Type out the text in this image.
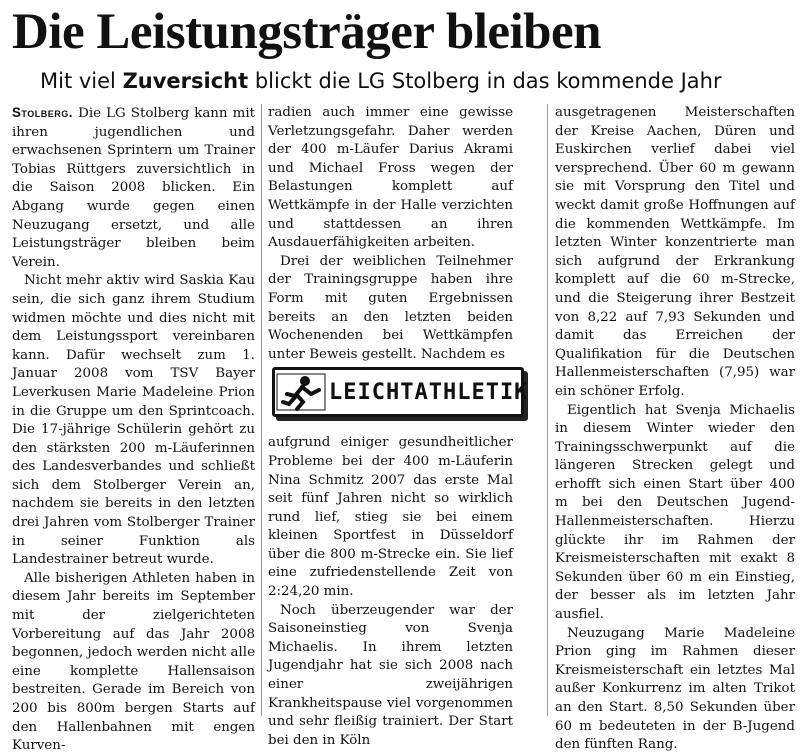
Die Leistungsträger bleiben
Mit viel Zuversicht blickt die LG Stolberg in das kommende Jahr

Stolberg. Die LG Stolberg kann mit ihren jugendlichen und erwachsenen Sprintern um Trainer Tobias Rüttgers zuversichtlich in die Saison 2008 blicken. Ein Abgang wurde gegen einen Neuzugang ersetzt, und alle Leistungsträger bleiben beim Verein.

Nicht mehr aktiv wird Saskia Kau sein, die sich ganz ihrem Studium widmen möchte und dies nicht mit dem Leistungssport vereinbaren kann. Dafür wechselt zum 1. Januar 2008 vom TSV Bayer Leverkusen Marie Madeleine Prion in die Gruppe um den Sprintcoach. Die 17-jährige Schülerin gehört zu den stärksten 200 m-Läuferinnen des Landesverbandes und schließt sich dem Stolberger Verein an, nachdem sie bereits in den letzten drei Jahren vom Stolberger Trainer in seiner Funktion als Landestrainer betreut wurde.

Alle bisherigen Athleten haben in diesem Jahr bereits im September mit der zielgerichteten Vorbereitung auf das Jahr 2008 begonnen, jedoch werden nicht alle eine komplette Hallensaison bestreiten. Gerade im Bereich von 200 bis 800m bergen Starts auf den Hallenbahnen mit engen Kurven-

radien auch immer eine gewisse Verletzungsgefahr. Daher werden der 400 m-Läufer Darius Akrami und Michael Fross wegen der Belastungen komplett auf Wettkämpfe in der Halle verzichten und stattdessen an ihren Ausdauerfähigkeiten arbeiten.

Drei der weiblichen Teilnehmer der Trainingsgruppe haben ihre Form mit guten Ergebnissen bereits an den letzten beiden Wochenenden bei Wettkämpfen unter Beweis gestellt. Nachdem es

aufgrund einiger gesundheitlicher Probleme bei der 400 m-Läuferin Nina Schmitz 2007 das erste Mal seit fünf Jahren nicht so wirklich rund lief, stieg sie bei einem kleinen Sportfest in Düsseldorf über die 800 m-Strecke ein. Sie lief eine zufriedenstellende Zeit von 2:24,20 min.

Noch überzeugender war der Saisoneinstieg von Svenja Michaelis. In ihrem letzten Jugendjahr hat sie sich 2008 nach einer zweijährigen Krankheitspause viel vorgenommen und sehr fleißig trainiert. Der Start bei den in Köln

LEICHTATHLETIK

ausgetragenen Meisterschaften der Kreise Aachen, Düren und Euskirchen verlief dabei viel versprechend. Über 60 m gewann sie mit Vorsprung den Titel und weckt damit große Hoffnungen auf die kommenden Wettkämpfe. Im letzten Winter konzentrierte man sich aufgrund der Erkrankung komplett auf die 60 m-Strecke, und die Steigerung ihrer Bestzeit von 8,22 auf 7,93 Sekunden und damit das Erreichen der Qualifikation für die Deutschen Hallenmeisterschaften (7,95) war ein schöner Erfolg.

Eigentlich hat Svenja Michaelis in diesem Winter wieder den Trainingsschwerpunkt auf die längeren Strecken gelegt und erhofft sich einen Start über 400 m bei den Deutschen Jugend-Hallenmeisterschaften. Hierzu glückte ihr im Rahmen der Kreismeisterschaften mit exakt 8 Sekunden über 60 m ein Einstieg, der besser als im letzten Jahr ausfiel.

Neuzugang Marie Madeleine Prion ging im Rahmen dieser Kreismeisterschaft ein letztes Mal außer Konkurrenz im alten Trikot an den Start. 8,50 Sekunden über 60 m bedeuteten in der B-Jugend den fünften Rang.
